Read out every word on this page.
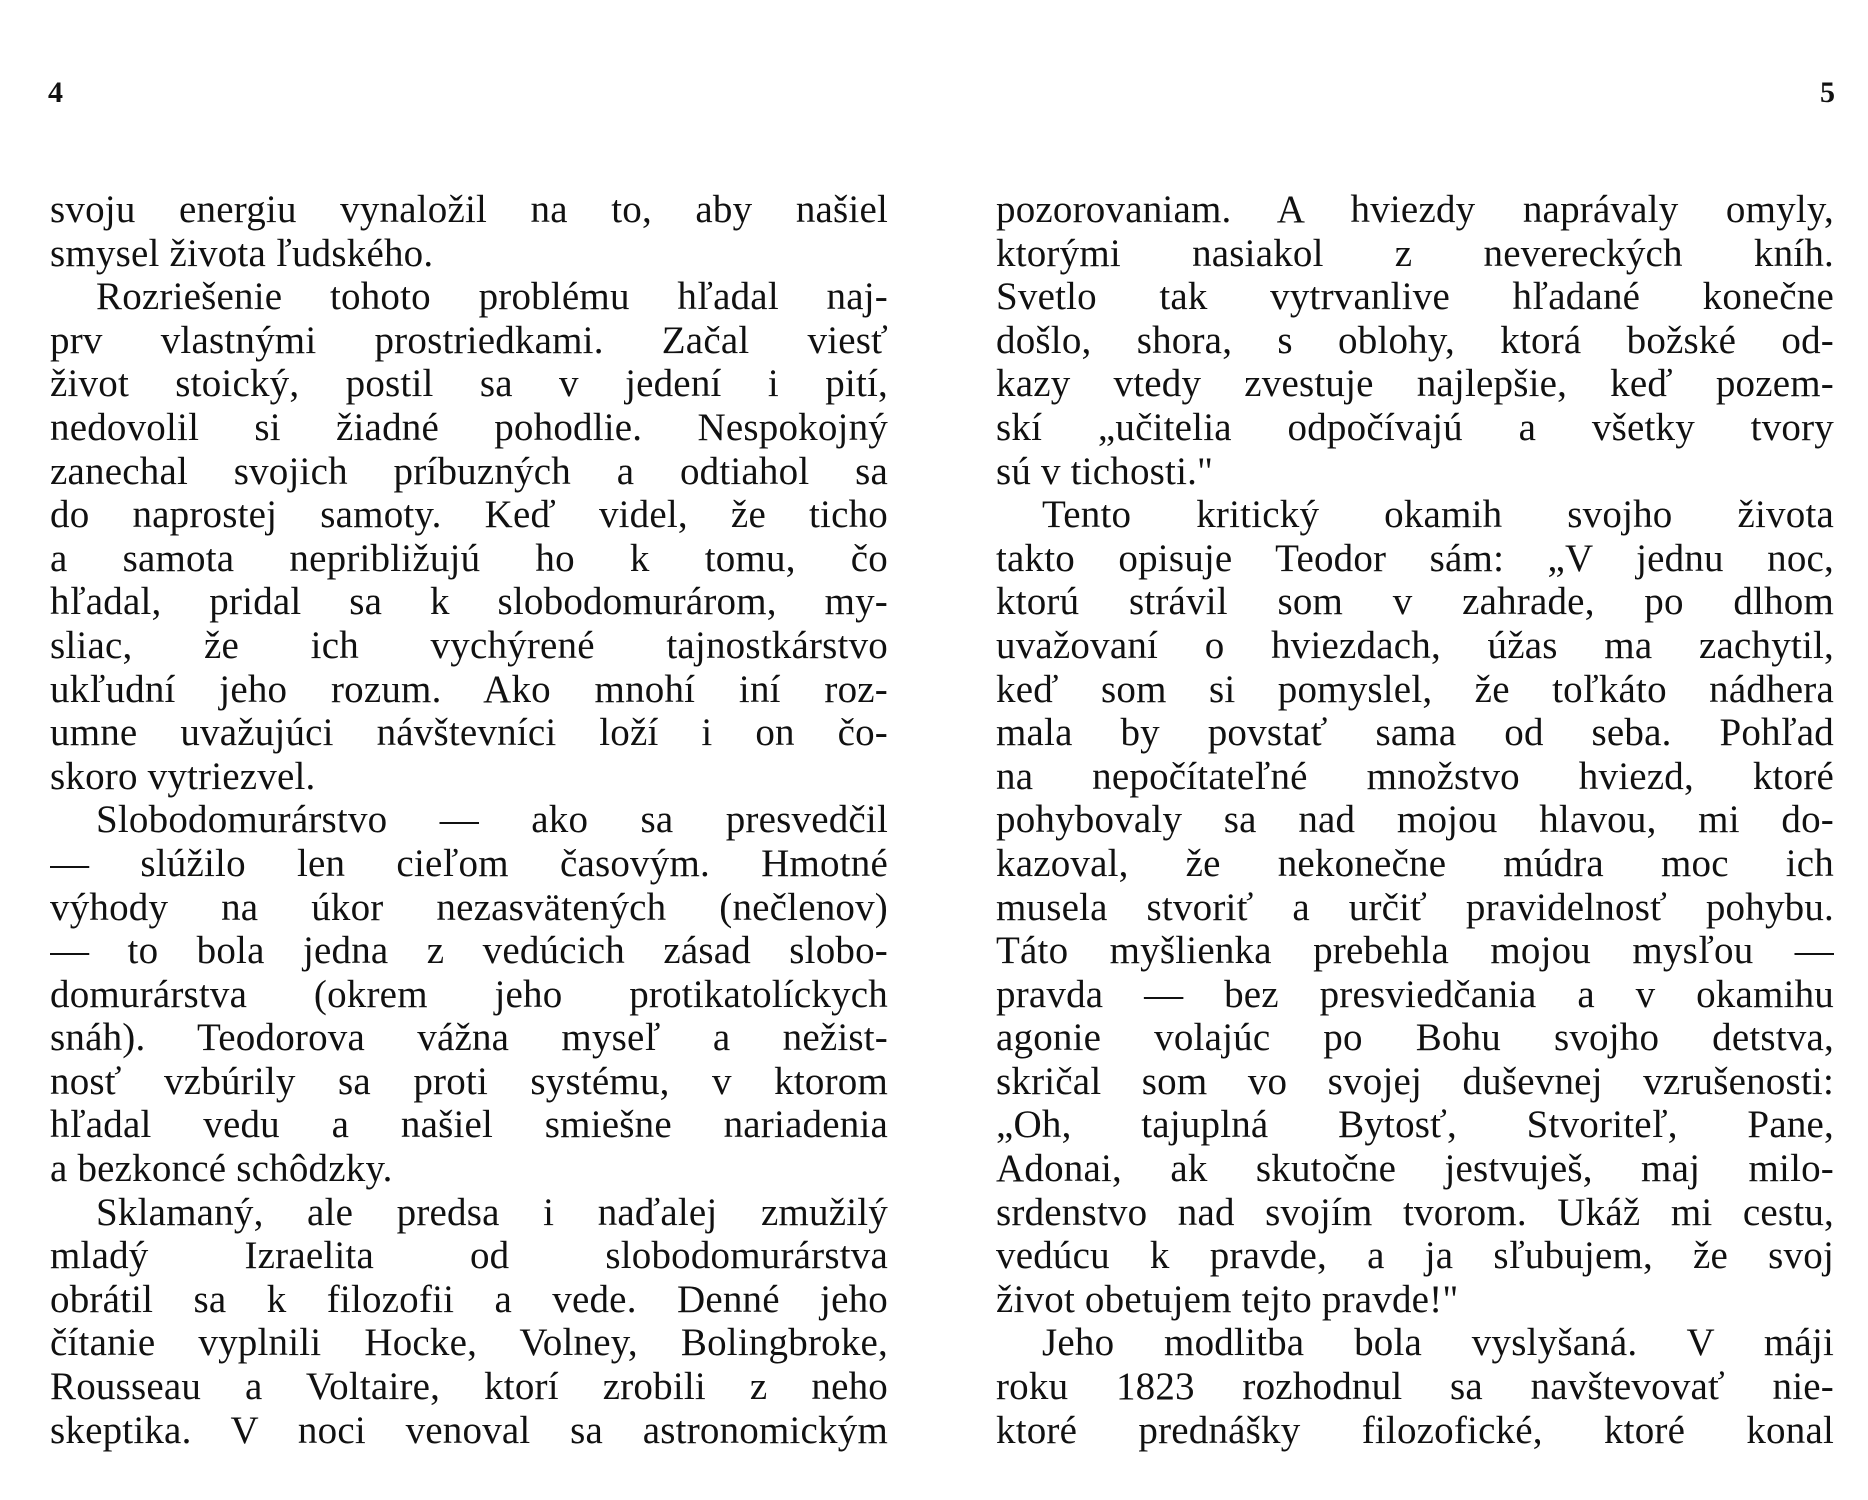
4	5
svoju energiu vynaložil na to, aby našiel
smysel života ľudského.
Rozriešenie tohoto problému hľadal naj-
prv vlastnými prostriedkami. Začal viesť
život stoický, postil sa v jedení i pití,
nedovolil si žiadné pohodlie. Nespokojný
zanechal svojich príbuzných a odtiahol sa
do naprostej samoty. Keď videl, že ticho
a samota nepribližujú ho k tomu, čo
hľadal, pridal sa k slobodomurárom, my-
sliac, že ich vychýrené tajnostkárstvo
ukľudní jeho rozum. Ako mnohí iní roz-
umne uvažujúci návštevníci loží i on čo-
skoro vytriezvel.
Slobodomurárstvo — ako sa presvedčil
— slúžilo len cieľom časovým. Hmotné
výhody na úkor nezasvätených (nečlenov)
— to bola jedna z vedúcich zásad slobo-
domurárstva (okrem jeho protikatolíckych
snáh). Teodorova vážna myseľ a nežist-
nosť vzbúrily sa proti systému, v ktorom
hľadal vedu a našiel smiešne nariadenia
a bezkoncé schôdzky.
Sklamaný, ale predsa i naďalej zmužilý
mladý Izraelita od slobodomurárstva
obrátil sa k filozofii a vede. Denné jeho
čítanie vyplnili Hocke, Volney, Bolingbroke,
Rousseau a Voltaire, ktorí zrobili z neho
skeptika. V noci venoval sa astronomickým
pozorovaniam. A hviezdy naprávaly omyly,
ktorými nasiakol z nevereckých kníh.
Svetlo tak vytrvanlive hľadané konečne
došlo, shora, s oblohy, ktorá božské od-
kazy vtedy zvestuje najlepšie, keď pozem-
skí „učitelia odpočívajú a všetky tvory
sú v tichosti."
Tento kritický okamih svojho života
takto opisuje Teodor sám: „V jednu noc,
ktorú strávil som v zahrade, po dlhom
uvažovaní o hviezdach, úžas ma zachytil,
keď som si pomyslel, že toľkáto nádhera
mala by povstať sama od seba. Pohľad
na nepočítateľné množstvo hviezd, ktoré
pohybovaly sa nad mojou hlavou, mi do-
kazoval, že nekonečne múdra moc ich
musela stvoriť a určiť pravidelnosť pohybu.
Táto myšlienka prebehla mojou mysľou —
pravda — bez presviedčania a v okamihu
agonie volajúc po Bohu svojho detstva,
skričal som vo svojej duševnej vzrušenosti:
„Oh, tajuplná Bytosť, Stvoriteľ, Pane,
Adonai, ak skutočne jestvuješ, maj milo-
srdenstvo nad svojím tvorom. Ukáž mi cestu,
vedúcu k pravde, a ja sľubujem, že svoj
život obetujem tejto pravde!"
Jeho modlitba bola vyslyšaná. V máji
roku 1823 rozhodnul sa navštevovať nie-
ktoré prednášky filozofické, ktoré konal
